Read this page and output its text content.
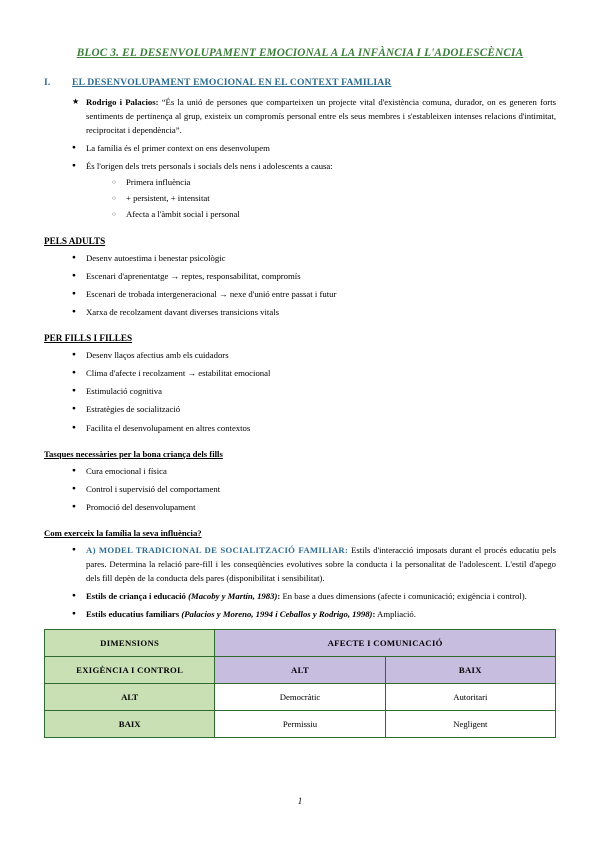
BLOC 3. EL DESENVOLUPAMENT EMOCIONAL A LA INFÀNCIA I L'ADOLESCÈNCIA
I.	EL DESENVOLUPAMENT EMOCIONAL EN EL CONTEXT FAMILIAR
★ Rodrigo i Palacios: “És la unió de persones que comparteixen un projecte vital d'existència comuna, durador, on es generen forts sentiments de pertinença al grup, existeix un compromís personal entre els seus membres i s'estableixen intenses relacions d'intimitat, reciprocitat i dependència”.
● La família és el primer context on ens desenvolupem
● És l'origen dels trets personals i socials dels nens i adolescents a causa:
○ Primera influència
○ + persistent, + intensitat
○ Afecta a l'àmbit social i personal
PELS ADULTS
● Desenv autoestima i benestar psicològic
● Escenari d'aprenentatge → reptes, responsabilitat, compromís
● Escenari de trobada intergeneracional → nexe d'unió entre passat i futur
● Xarxa de recolzament davant diverses transicions vitals
PER FILLS I FILLES
● Desenv llaços afectius amb els cuidadors
● Clima d'afecte i recolzament → estabilitat emocional
● Estimulació cognitiva
● Estratègies de socialització
● Facilita el desenvolupament en altres contextos
Tasques necessàries per la bona criança dels fills
● Cura emocional i física
● Control i supervisió del comportament
● Promoció del desenvolupament
Com exerceix la família la seva influència?
● A) MODEL TRADICIONAL DE SOCIALITZACIÓ FAMILIAR: Estils d'interacció imposats durant el procés educatiu pels pares. Determina la relació pare-fill i les conseqüències evolutives sobre la conducta i la personalitat de l'adolescent. L'estil d'apego dels fill depèn de la conducta dels pares (disponibilitat i sensibilitat).
● Estils de criança i educació (Macoby y Martín, 1983): En base a dues dimensions (afecte i comunicació; exigència i control).
● Estils educatius familiars (Palacios y Moreno, 1994 i Ceballos y Rodrigo, 1998): Ampliació.
DIMENSIONS	AFECTE I COMUNICACIÓ	
EXIGÈNCIA I CONTROL	ALT	BAIX
ALT	Democràtic	Autoritari
BAIX	Permissiu	Negligent
1
